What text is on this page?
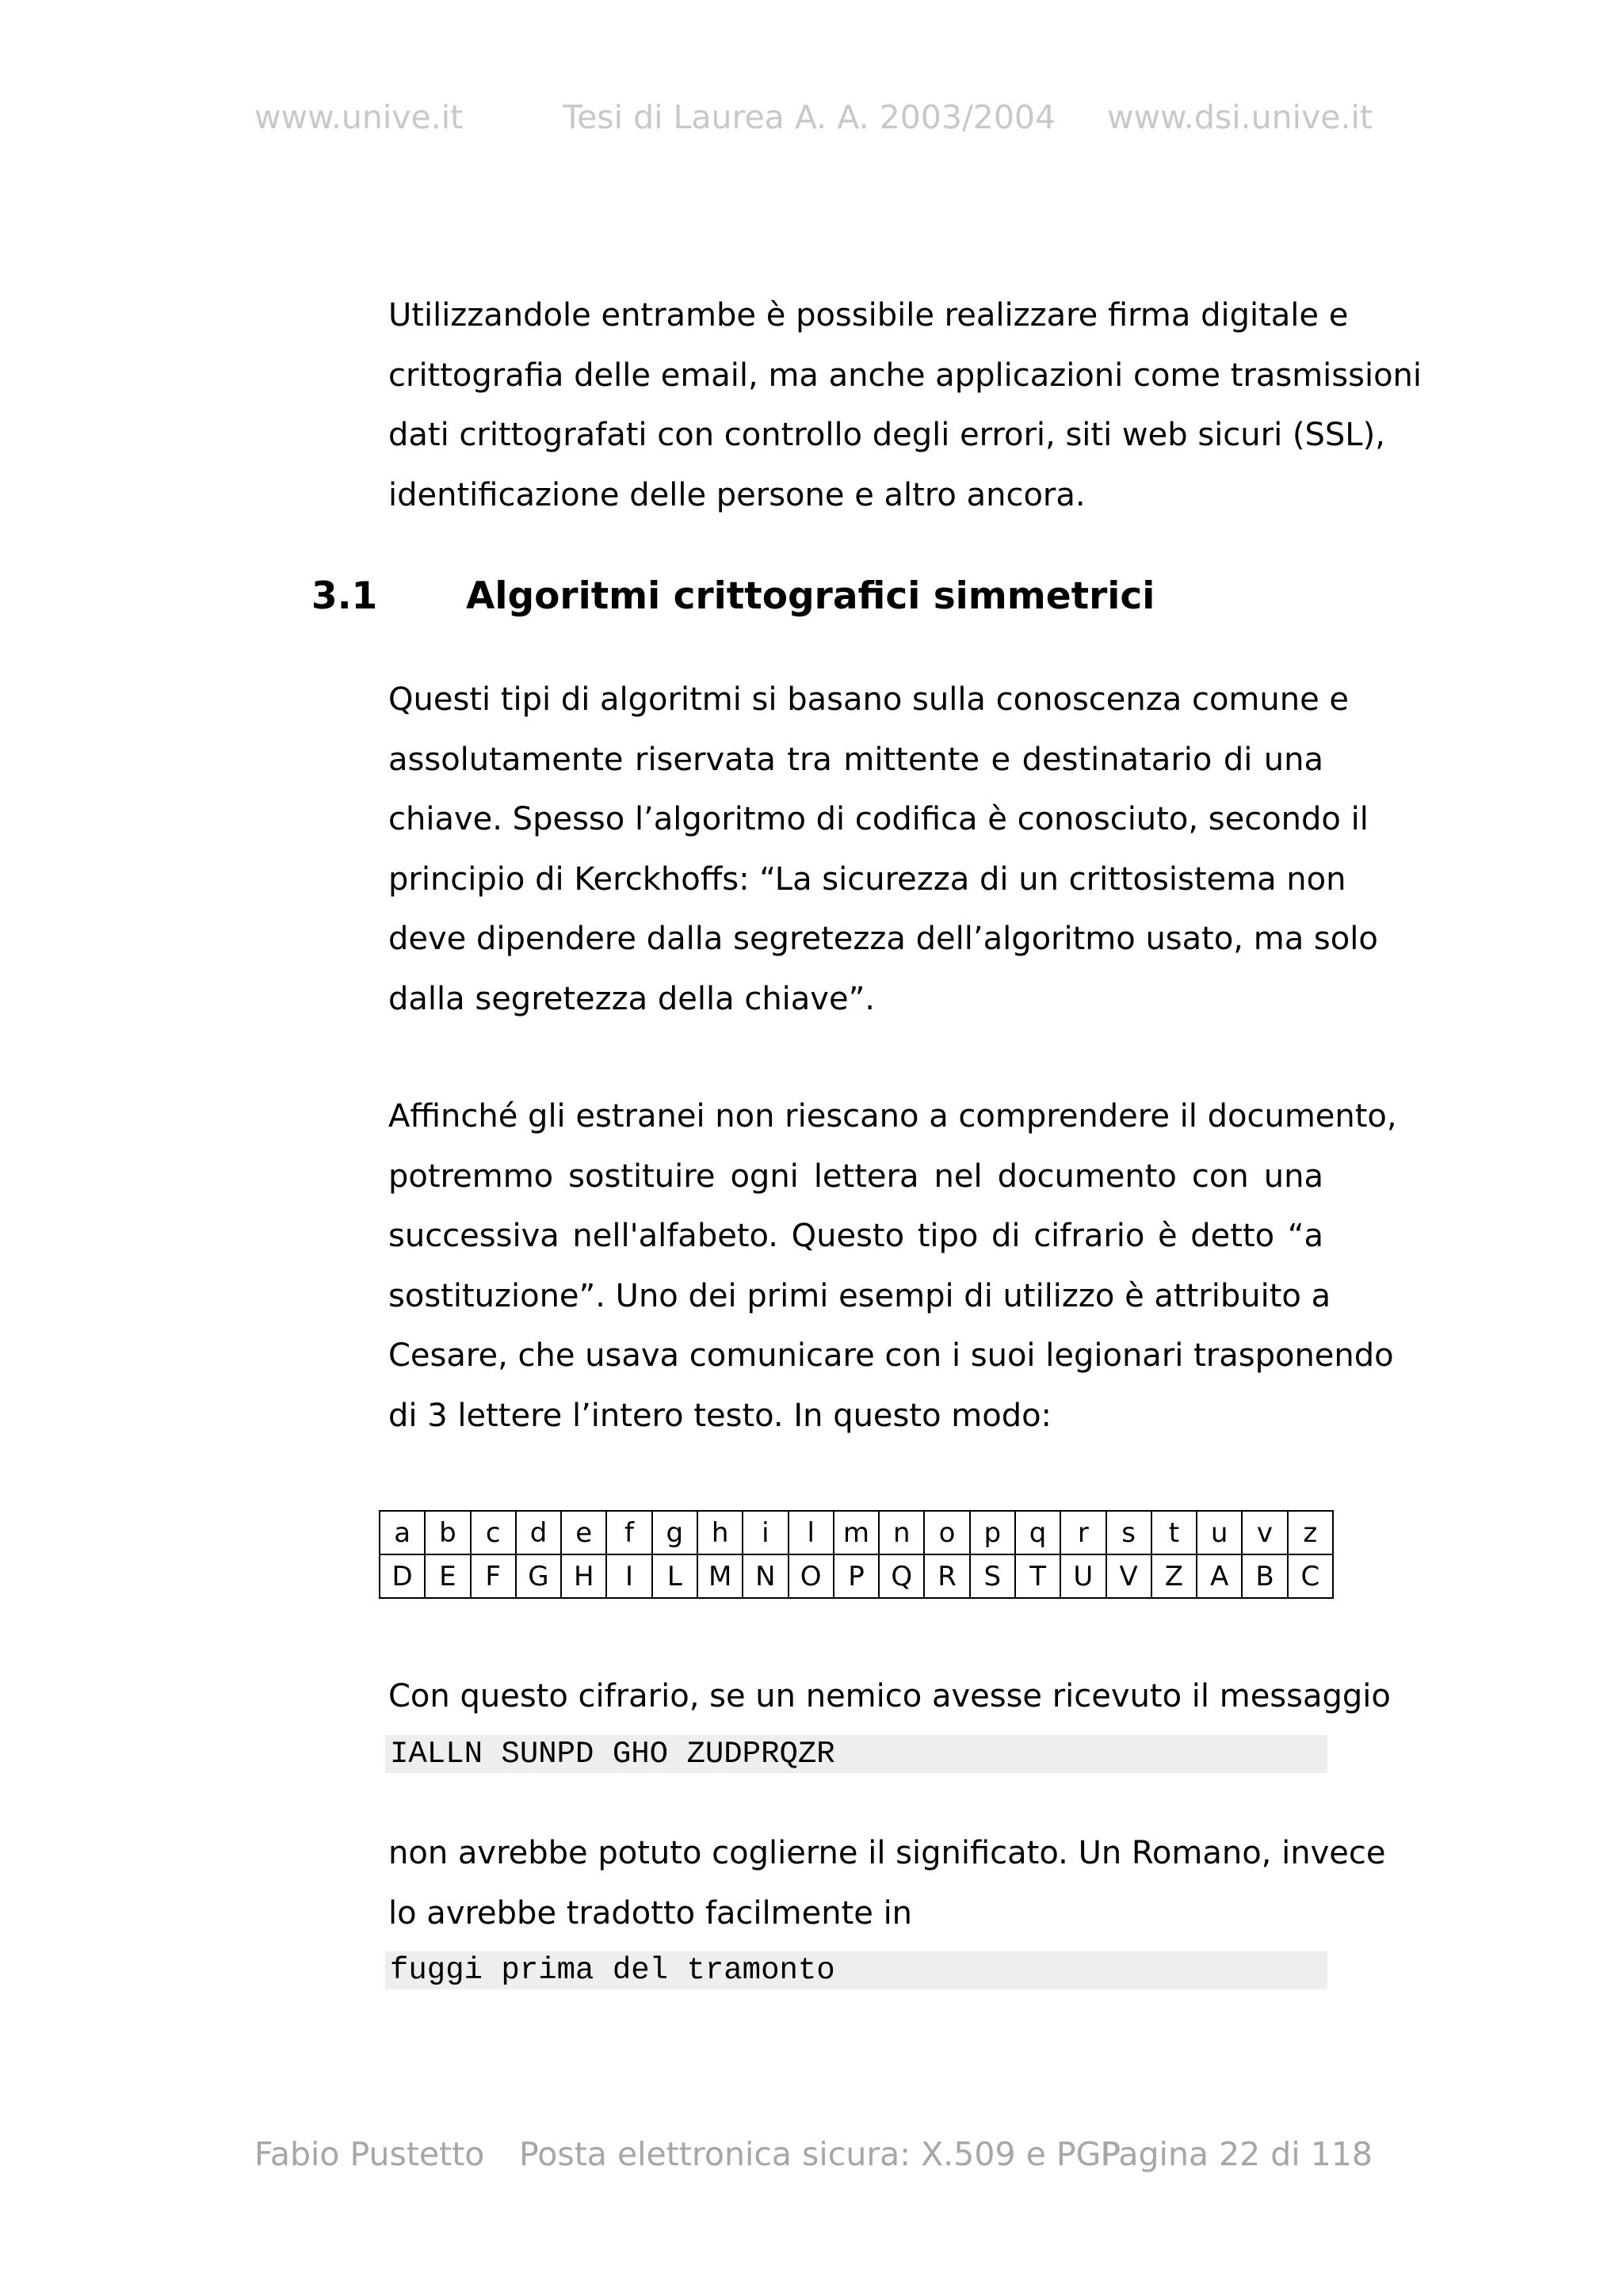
www.unive.it	Tesi di Laurea A. A. 2003/2004 www.dsi.unive.it
Utilizzandole entrambe è possibile realizzare firma digitale e
crittografia delle email, ma anche applicazioni come trasmissioni
dati crittografati con controllo degli errori, siti web sicuri (SSL),
identificazione delle persone e altro ancora.
3.1 Algoritmi crittografici simmetrici
Questi tipi di algoritmi si basano sulla conoscenza comune e
assolutamente riservata tra mittente e destinatario di una
chiave. Spesso l’algoritmo di codifica è conosciuto, secondo il
principio di Kerckhoffs: “La sicurezza di un crittosistema non
deve dipendere dalla segretezza dell’algoritmo usato, ma solo
dalla segretezza della chiave”.
Affinché gli estranei non riescano a comprendere il documento,
potremmo sostituire ogni lettera nel documento con una
successiva nell'alfabeto. Questo tipo di cifrario è detto “a
sostituzione”. Uno dei primi esempi di utilizzo è attribuito a
Cesare, che usava comunicare con i suoi legionari trasponendo
di 3 lettere l’intero testo. In questo modo:
a	b	c	d	e	f	g	h	i	l	m	n	o	p	q	r	s	t	u	v	z
D	E	F	G	H	I	L	M	N	O	P	Q	R	S	T	U	V	Z	A	B	C
Con questo cifrario, se un nemico avesse ricevuto il messaggio
IALLN SUNPD GHO ZUDPRQZR
non avrebbe potuto coglierne il significato. Un Romano, invece
lo avrebbe tradotto facilmente in
fuggi prima del tramonto
Fabio Pustetto Posta elettronica sicura: X.509 e PGP
Pagina 22 di 118
